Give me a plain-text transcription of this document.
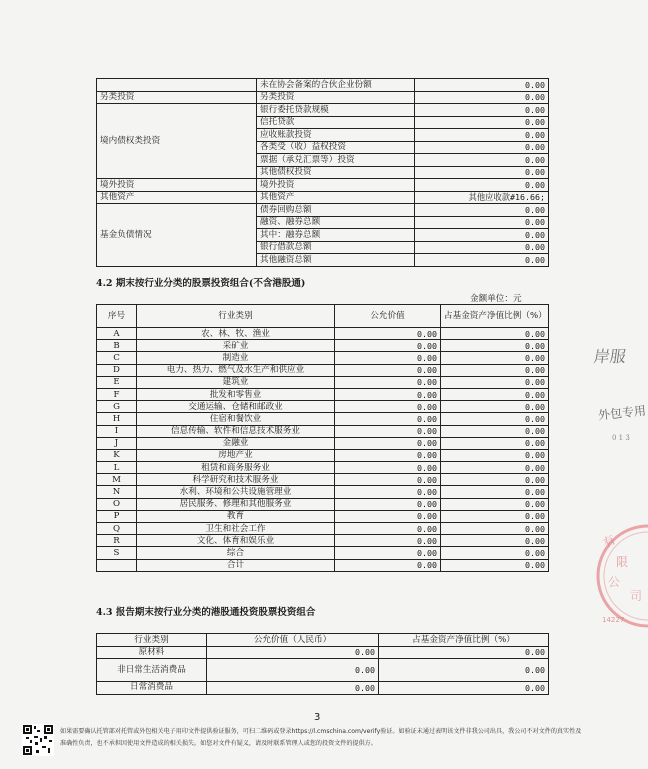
	未在协会备案的合伙企业份额	0.00
另类投资	另类投资	0.00
境内债权类投资	银行委托贷款规模	0.00
	信托贷款	0.00
	应收账款投资	0.00
	各类受（收）益权投资	0.00
	票据（承兑汇票等）投资	0.00
	其他债权投资	0.00
境外投资	境外投资	0.00
其他资产	其他资产	其他应收款#16.66;
基金负债情况	债券回购总额	0.00
	融资、融券总额	0.00
	其中：融券总额	0.00
	银行借款总额	0.00
	其他融资总额	0.00
4.2 期末按行业分类的股票投资组合(不含港股通)
金额单位：元
序号	行业类别	公允价值	占基金资产净值比例（%）
A	农、林、牧、渔业	0.00	0.00
B	采矿业	0.00	0.00
C	制造业	0.00	0.00
D	电力、热力、燃气及水生产和供应业	0.00	0.00
E	建筑业	0.00	0.00
F	批发和零售业	0.00	0.00
G	交通运输、仓储和邮政业	0.00	0.00
H	住宿和餐饮业	0.00	0.00
I	信息传输、软件和信息技术服务业	0.00	0.00
J	金融业	0.00	0.00
K	房地产业	0.00	0.00
L	租赁和商务服务业	0.00	0.00
M	科学研究和技术服务业	0.00	0.00
N	水利、环境和公共设施管理业	0.00	0.00
O	居民服务、修理和其他服务业	0.00	0.00
P	教育	0.00	0.00
Q	卫生和社会工作	0.00	0.00
R	文化、体育和娱乐业	0.00	0.00
S	综合	0.00	0.00
	合计	0.00	0.00
4.3 报告期末按行业分类的港股通投资股票投资组合
行业类别	公允价值（人民币）	占基金资产净值比例（%）
原材料	0.00	0.00
非日常生活消费品	0.00	0.00
日常消费品	0.00	0.00
3
如果需要确认托管部对托管或外包相关电子用印文件提供验证服务，可扫二维码或登录https://l.cmschina.com/verify验证。如验证未通过表明该文件非我公司出具，我公司不对文件的真实性及准确性负责，也不承担因使用文件造成的相关损失。如您对文件有疑义，请及时联系管理人或您的投资文件的提供方。
岸服
外包专用
0 1 3
有
限
公
司
14227
